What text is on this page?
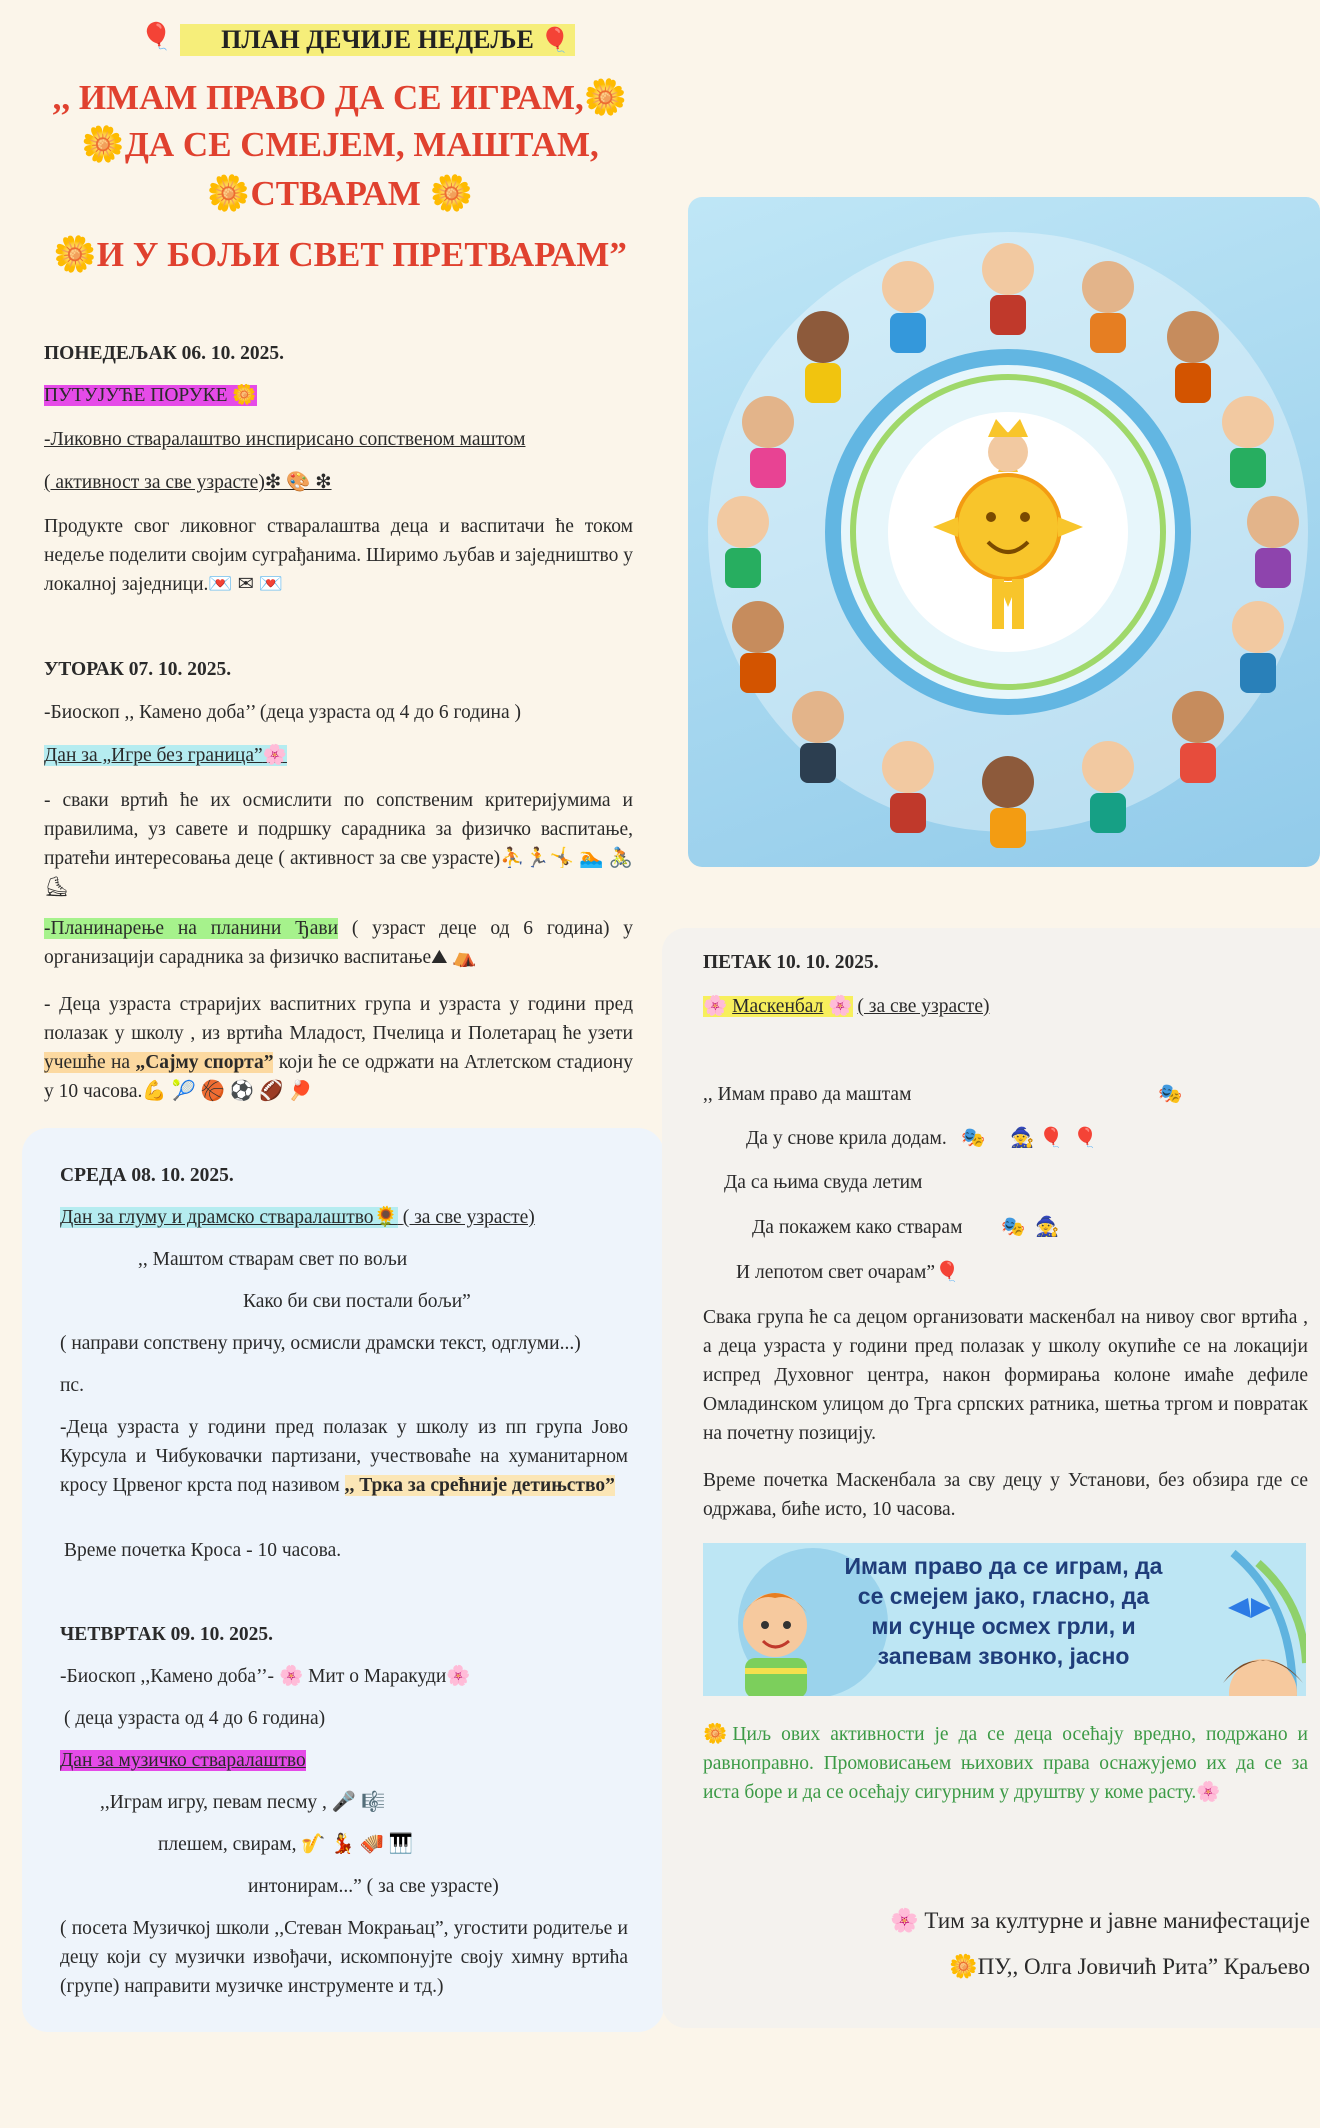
🎈	ПЛАН ДЕЧИЈЕ НЕДЕЉЕ 🎈
,, ИМАМ ПРАВО ДА СЕ ИГРАМ,🌼
🌼ДА СЕ СМЕЈЕМ, МАШТАМ,
🌼СТВАРАМ 🌼
🌼И У БОЉИ СВЕТ ПРЕТВАРАМ”

ПОНЕДЕЉАК 06. 10. 2025.

ПУТУЈУЋЕ ПОРУКЕ 🌼

-Ликовно стваралаштво инспирисано сопственом маштом

( активност за све узрасте)❇ 🎨 ❇

Продукте свог ликовног стваралаштва деца и васпитачи ће током недеље поделити својим суграђанима. Ширимо љубав и заједништво у локалној заједници.💌 ✉ 💌

УТОРАК 07. 10. 2025.

-Биоскоп ,, Камено доба’’ (деца узраста од 4 до 6 година )

Дан за „Игре без граница”🌸

- сваки вртић ће их осмислити по сопственим критеријумима и правилима, уз савете и подршку сарадника за физичко васпитање, пратећи интересовања деце ( активност за све узрасте)⛹🏃🤸 🏊 🚴 ⛸

-Планинарење на планини Ђави ( узраст деце од 6 година) у организацији сарадника за физичко васпитање⛰ ⛺

- Деца узраста страријих васпитних група и узраста у години пред полазак у школу , из вртића Младост, Пчелица и Полетарац ће узети учешће на „Сајму спорта” који ће се одржати на Атлетском стадиону у 10 часова.💪 🎾 🏀 ⚽ 🏈 🏓

СРЕДА 08. 10. 2025.

Дан за глуму и драмско стваралаштво🌻 ( за све узрасте)

,, Маштом стварам свет по вољи

Како би сви постали бољи”

( направи сопствену причу, осмисли драмски текст, одглуми...)

пс.

-Деца узраста у години пред полазак у школу из пп група Јово Курсула и Чибуковачки партизани, учествоваће на хуманитарном кросу Црвеног крста под називом ,, Трка за срећније детињство”

Време почетка Кроса - 10 часова.

ЧЕТВРТАК 09. 10. 2025.

-Биоскоп ,,Камено доба’’- 🌸 Мит о Маракуди🌸

( деца узраста од 4 до 6 година)

Дан за музичко стваралаштво

,,Играм игру, певам песму , 🎤 🎼

плешем, свирам, 🎷 💃 🪗 🎹

интонирам...” ( за све узрасте)

( посета Музичкој школи ,,Стеван Мокрањац”, угостити родитеље и децу који су музички извођачи, искомпонујте своју химну вртића (групе) направити музичке инструменте и тд.)

ПЕТАК 10. 10. 2025.

🌸 Маскенбал 🌸 ( за све узрасте)

,, Имам право да маштам	🎭

Да у снове крила додам. 🎭 🧙 🎈  🎈

Да са њима свуда летим

Да покажем како стварам 🎭  🧙

И лепотом свет очарам”🎈

Свака група ће са децом организовати маскенбал на нивоу свог вртића , а деца узраста у години пред полазак у школу окупиће се на локацији испред Духовног центра, након формирања колоне имаће дефиле Омладинском улицом до Трга српских ратника, шетња тргом и повратак на почетну позицију.

Време почетка Маскенбала за сву децу у Установи, без обзира где се одржава, биће исто, 10 часова.

Имам право да се играм, да се смејем јако, гласно, да ми сунце осмех грли, и запевам звонко, јасно

🌼Циљ ових активности је да се деца осећају вредно, подржано и равноправно. Промовисањем њихових права оснажујемо их да се за иста боре и да се осећају сигурним у друштву у коме расту.🌸

🌸 Тим за културне и јавне манифестације

🌼ПУ,, Олга Јовичић Рита” Краљево
